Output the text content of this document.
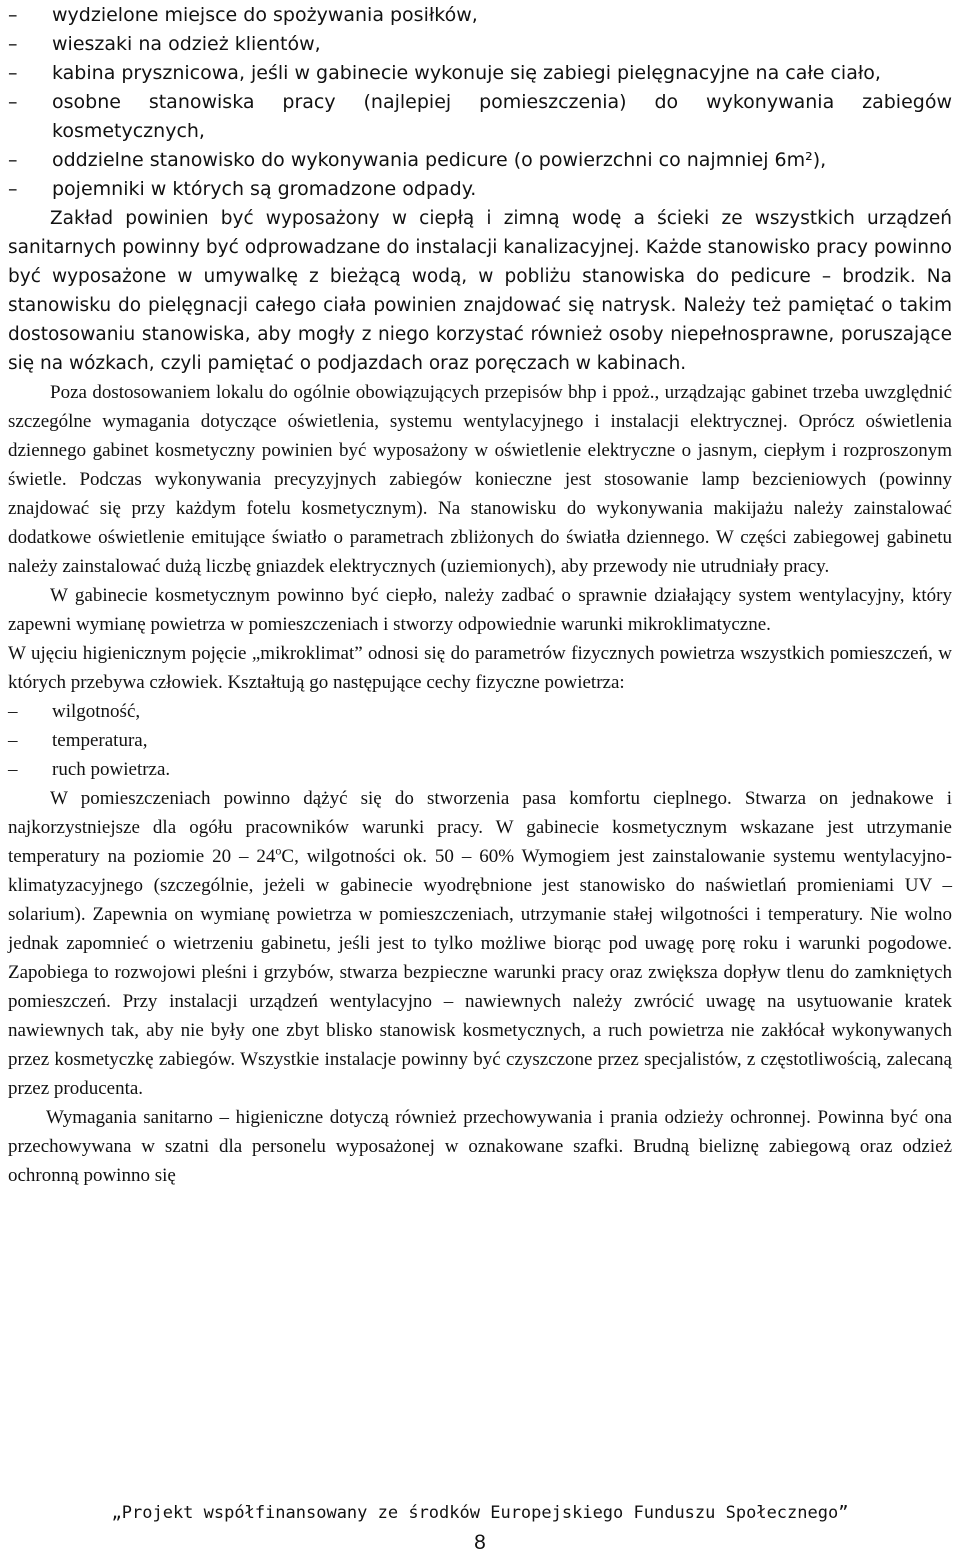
–	wydzielone miejsce do spożywania posiłków,

–	wieszaki na odzież klientów,

–	kabina prysznicowa, jeśli w gabinecie wykonuje się zabiegi pielęgnacyjne na całe ciało,

–	osobne stanowiska pracy (najlepiej pomieszczenia) do wykonywania zabiegów kosmetycznych,

–	oddzielne stanowisko do wykonywania pedicure (o powierzchni co najmniej 6m²),

–	pojemniki w których są gromadzone odpady.

Zakład powinien być wyposażony w ciepłą i zimną wodę a ścieki ze wszystkich urządzeń sanitarnych powinny być odprowadzane do instalacji kanalizacyjnej. Każde stanowisko pracy powinno być wyposażone w umywalkę z bieżącą wodą, w pobliżu stanowiska do pedicure – brodzik. Na stanowisku do pielęgnacji całego ciała powinien znajdować się natrysk. Należy też pamiętać o takim dostosowaniu stanowiska, aby mogły z niego korzystać również osoby niepełnosprawne, poruszające się na wózkach, czyli pamiętać o podjazdach oraz poręczach w kabinach.

Poza dostosowaniem lokalu do ogólnie obowiązujących przepisów bhp i ppoż., urządzając gabinet trzeba uwzględnić szczególne wymagania dotyczące oświetlenia, systemu wentylacyjnego i instalacji elektrycznej. Oprócz oświetlenia dziennego gabinet kosmetyczny powinien być wyposażony w oświetlenie elektryczne o jasnym, ciepłym i rozproszonym świetle. Podczas wykonywania precyzyjnych zabiegów konieczne jest stosowanie lamp bezcieniowych (powinny znajdować się przy każdym fotelu kosmetycznym). Na stanowisku do wykonywania makijażu należy zainstalować dodatkowe oświetlenie emitujące światło o parametrach zbliżonych do światła dziennego. W części zabiegowej gabinetu należy zainstalować dużą liczbę gniazdek elektrycznych (uziemionych), aby przewody nie utrudniały pracy.

W gabinecie kosmetycznym powinno być ciepło, należy zadbać o sprawnie działający system wentylacyjny, który zapewni wymianę powietrza w pomieszczeniach i stworzy odpowiednie warunki mikroklimatyczne.

W ujęciu higienicznym pojęcie „mikroklimat” odnosi się do parametrów fizycznych powietrza wszystkich pomieszczeń, w których przebywa człowiek. Kształtują go następujące cechy fizyczne powietrza:

–	wilgotność,

–	temperatura,

–	ruch powietrza.

W pomieszczeniach powinno dążyć się do stworzenia pasa komfortu cieplnego. Stwarza on jednakowe i najkorzystniejsze dla ogółu pracowników warunki pracy. W gabinecie kosmetycznym wskazane jest utrzymanie temperatury na poziomie 20 – 24$^o$C, wilgotności ok. 50 – 60% Wymogiem jest zainstalowanie systemu wentylacyjno-klimatyzacyjnego (szczególnie, jeżeli w gabinecie wyodrębnione jest stanowisko do naświetlań promieniami UV – solarium). Zapewnia on wymianę powietrza w pomieszczeniach, utrzymanie stałej wilgotności i temperatury. Nie wolno jednak zapomnieć o wietrzeniu gabinetu, jeśli jest to tylko możliwe biorąc pod uwagę porę roku i warunki pogodowe. Zapobiega to rozwojowi pleśni i grzybów, stwarza bezpieczne warunki pracy oraz zwiększa dopływ tlenu do zamkniętych pomieszczeń. Przy instalacji urządzeń wentylacyjno – nawiewnych należy zwrócić uwagę na usytuowanie kratek nawiewnych tak, aby nie były one zbyt blisko stanowisk kosmetycznych, a ruch powietrza nie zakłócał wykonywanych przez kosmetyczkę zabiegów. Wszystkie instalacje powinny być czyszczone przez specjalistów, z częstotliwością, zalecaną przez producenta.

Wymagania sanitarno – higieniczne dotyczą również przechowywania i prania odzieży ochronnej. Powinna być ona przechowywana w szatni dla personelu wyposażonej w oznakowane szafki. Brudną bieliznę zabiegową oraz odzież ochronną powinno się

„Projekt współfinansowany ze środków Europejskiego Funduszu Społecznego”
8
